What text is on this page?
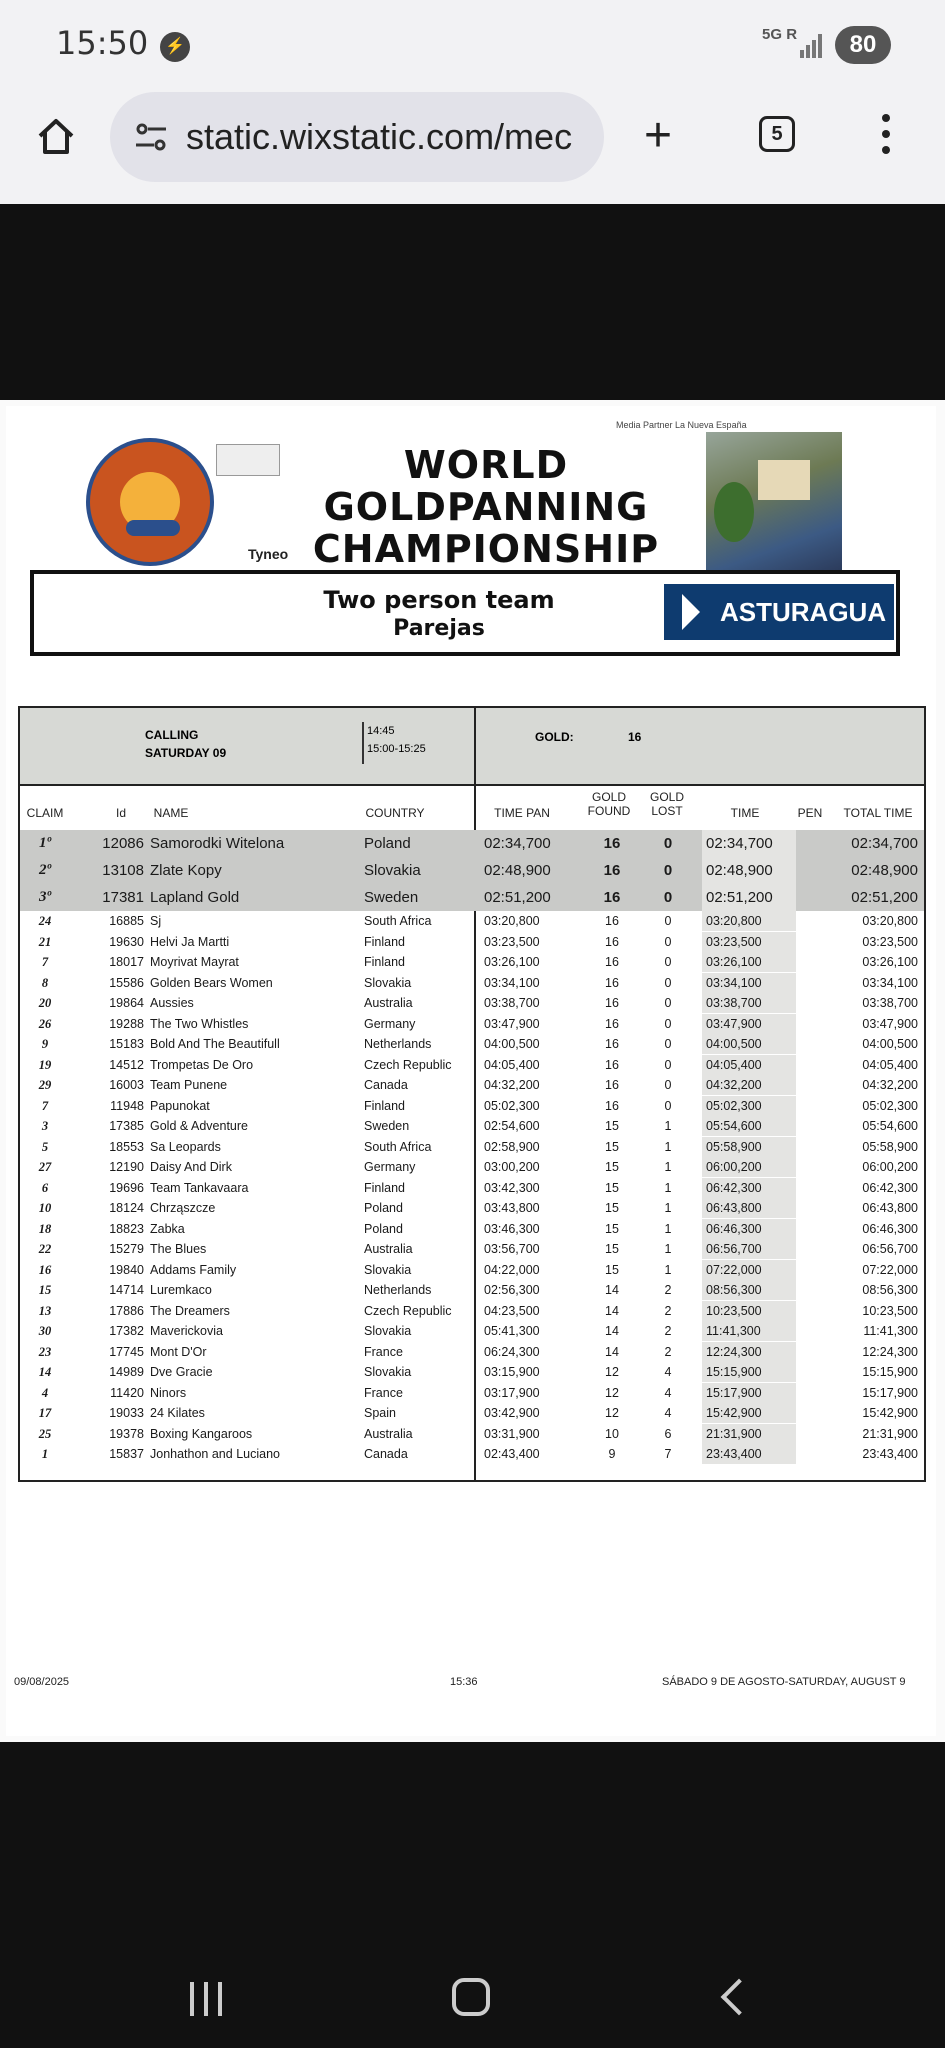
15:50	⚡
5G R	80
static.wixstatic.com/mec	+	5
WORLD GOLDPANNING
CHAMPIONSHIP
Tyneo
Media Partner La Nueva España
Two person team
Parejas
ASTURAGUA
CALLING
SATURDAY 09
14:45
15:00-15:25
GOLD:	16
CLAIM	Id	NAME	COUNTRY	TIME PAN
GOLD
FOUND
GOLD
LOST	TIME	PEN	TOTAL TIME
1º	12086 Samorodki Witelona	Poland	02:34,700	16	0	02:34,700	02:34,700
2º	13108 Zlate Kopy	Slovakia	02:48,900	16	0	02:48,900	02:48,900
3º	17381 Lapland Gold	Sweden	02:51,200	16	0	02:51,200	02:51,200
24	16885 Sj	South Africa	03:20,800	16	0	03:20,800	03:20,800
21	19630 Helvi Ja Martti	Finland	03:23,500	16	0	03:23,500	03:23,500
7	18017 Moyrivat Mayrat	Finland	03:26,100	16	0	03:26,100	03:26,100
8	15586 Golden Bears Women	Slovakia	03:34,100	16	0	03:34,100	03:34,100
20	19864 Aussies	Australia	03:38,700	16	0	03:38,700	03:38,700
26	19288 The Two Whistles	Germany	03:47,900	16	0	03:47,900	03:47,900
9	15183 Bold And The Beautifull	Netherlands	04:00,500	16	0	04:00,500	04:00,500
19	14512 Trompetas De Oro	Czech Republic	04:05,400	16	0	04:05,400	04:05,400
29	16003 Team Punene	Canada	04:32,200	16	0	04:32,200	04:32,200
7	11948 Papunokat	Finland	05:02,300	16	0	05:02,300	05:02,300
3	17385 Gold & Adventure	Sweden	02:54,600	15	1	05:54,600	05:54,600
5	18553 Sa Leopards	South Africa	02:58,900	15	1	05:58,900	05:58,900
27	12190 Daisy And Dirk	Germany	03:00,200	15	1	06:00,200	06:00,200
6	19696 Team Tankavaara	Finland	03:42,300	15	1	06:42,300	06:42,300
10	18124 Chrząszcze	Poland	03:43,800	15	1	06:43,800	06:43,800
18	18823 Zabka	Poland	03:46,300	15	1	06:46,300	06:46,300
22	15279 The Blues	Australia	03:56,700	15	1	06:56,700	06:56,700
16	19840 Addams Family	Slovakia	04:22,000	15	1	07:22,000	07:22,000
15	14714 Luremkaco	Netherlands	02:56,300	14	2	08:56,300	08:56,300
13	17886 The Dreamers	Czech Republic	04:23,500	14	2	10:23,500	10:23,500
30	17382 Maverickovia	Slovakia	05:41,300	14	2	11:41,300	11:41,300
23	17745 Mont D'Or	France	06:24,300	14	2	12:24,300	12:24,300
14	14989 Dve Gracie	Slovakia	03:15,900	12	4	15:15,900	15:15,900
4	11420 Ninors	France	03:17,900	12	4	15:17,900	15:17,900
17	19033 24 Kilates	Spain	03:42,900	12	4	15:42,900	15:42,900
25	19378 Boxing Kangaroos	Australia	03:31,900	10	6	21:31,900	21:31,900
1	15837 Jonhathon and Luciano	Canada	02:43,400	9	7	23:43,400	23:43,400
09/08/2025	15:36	SÁBADO 9 DE AGOSTO-SATURDAY, AUGUST 9
